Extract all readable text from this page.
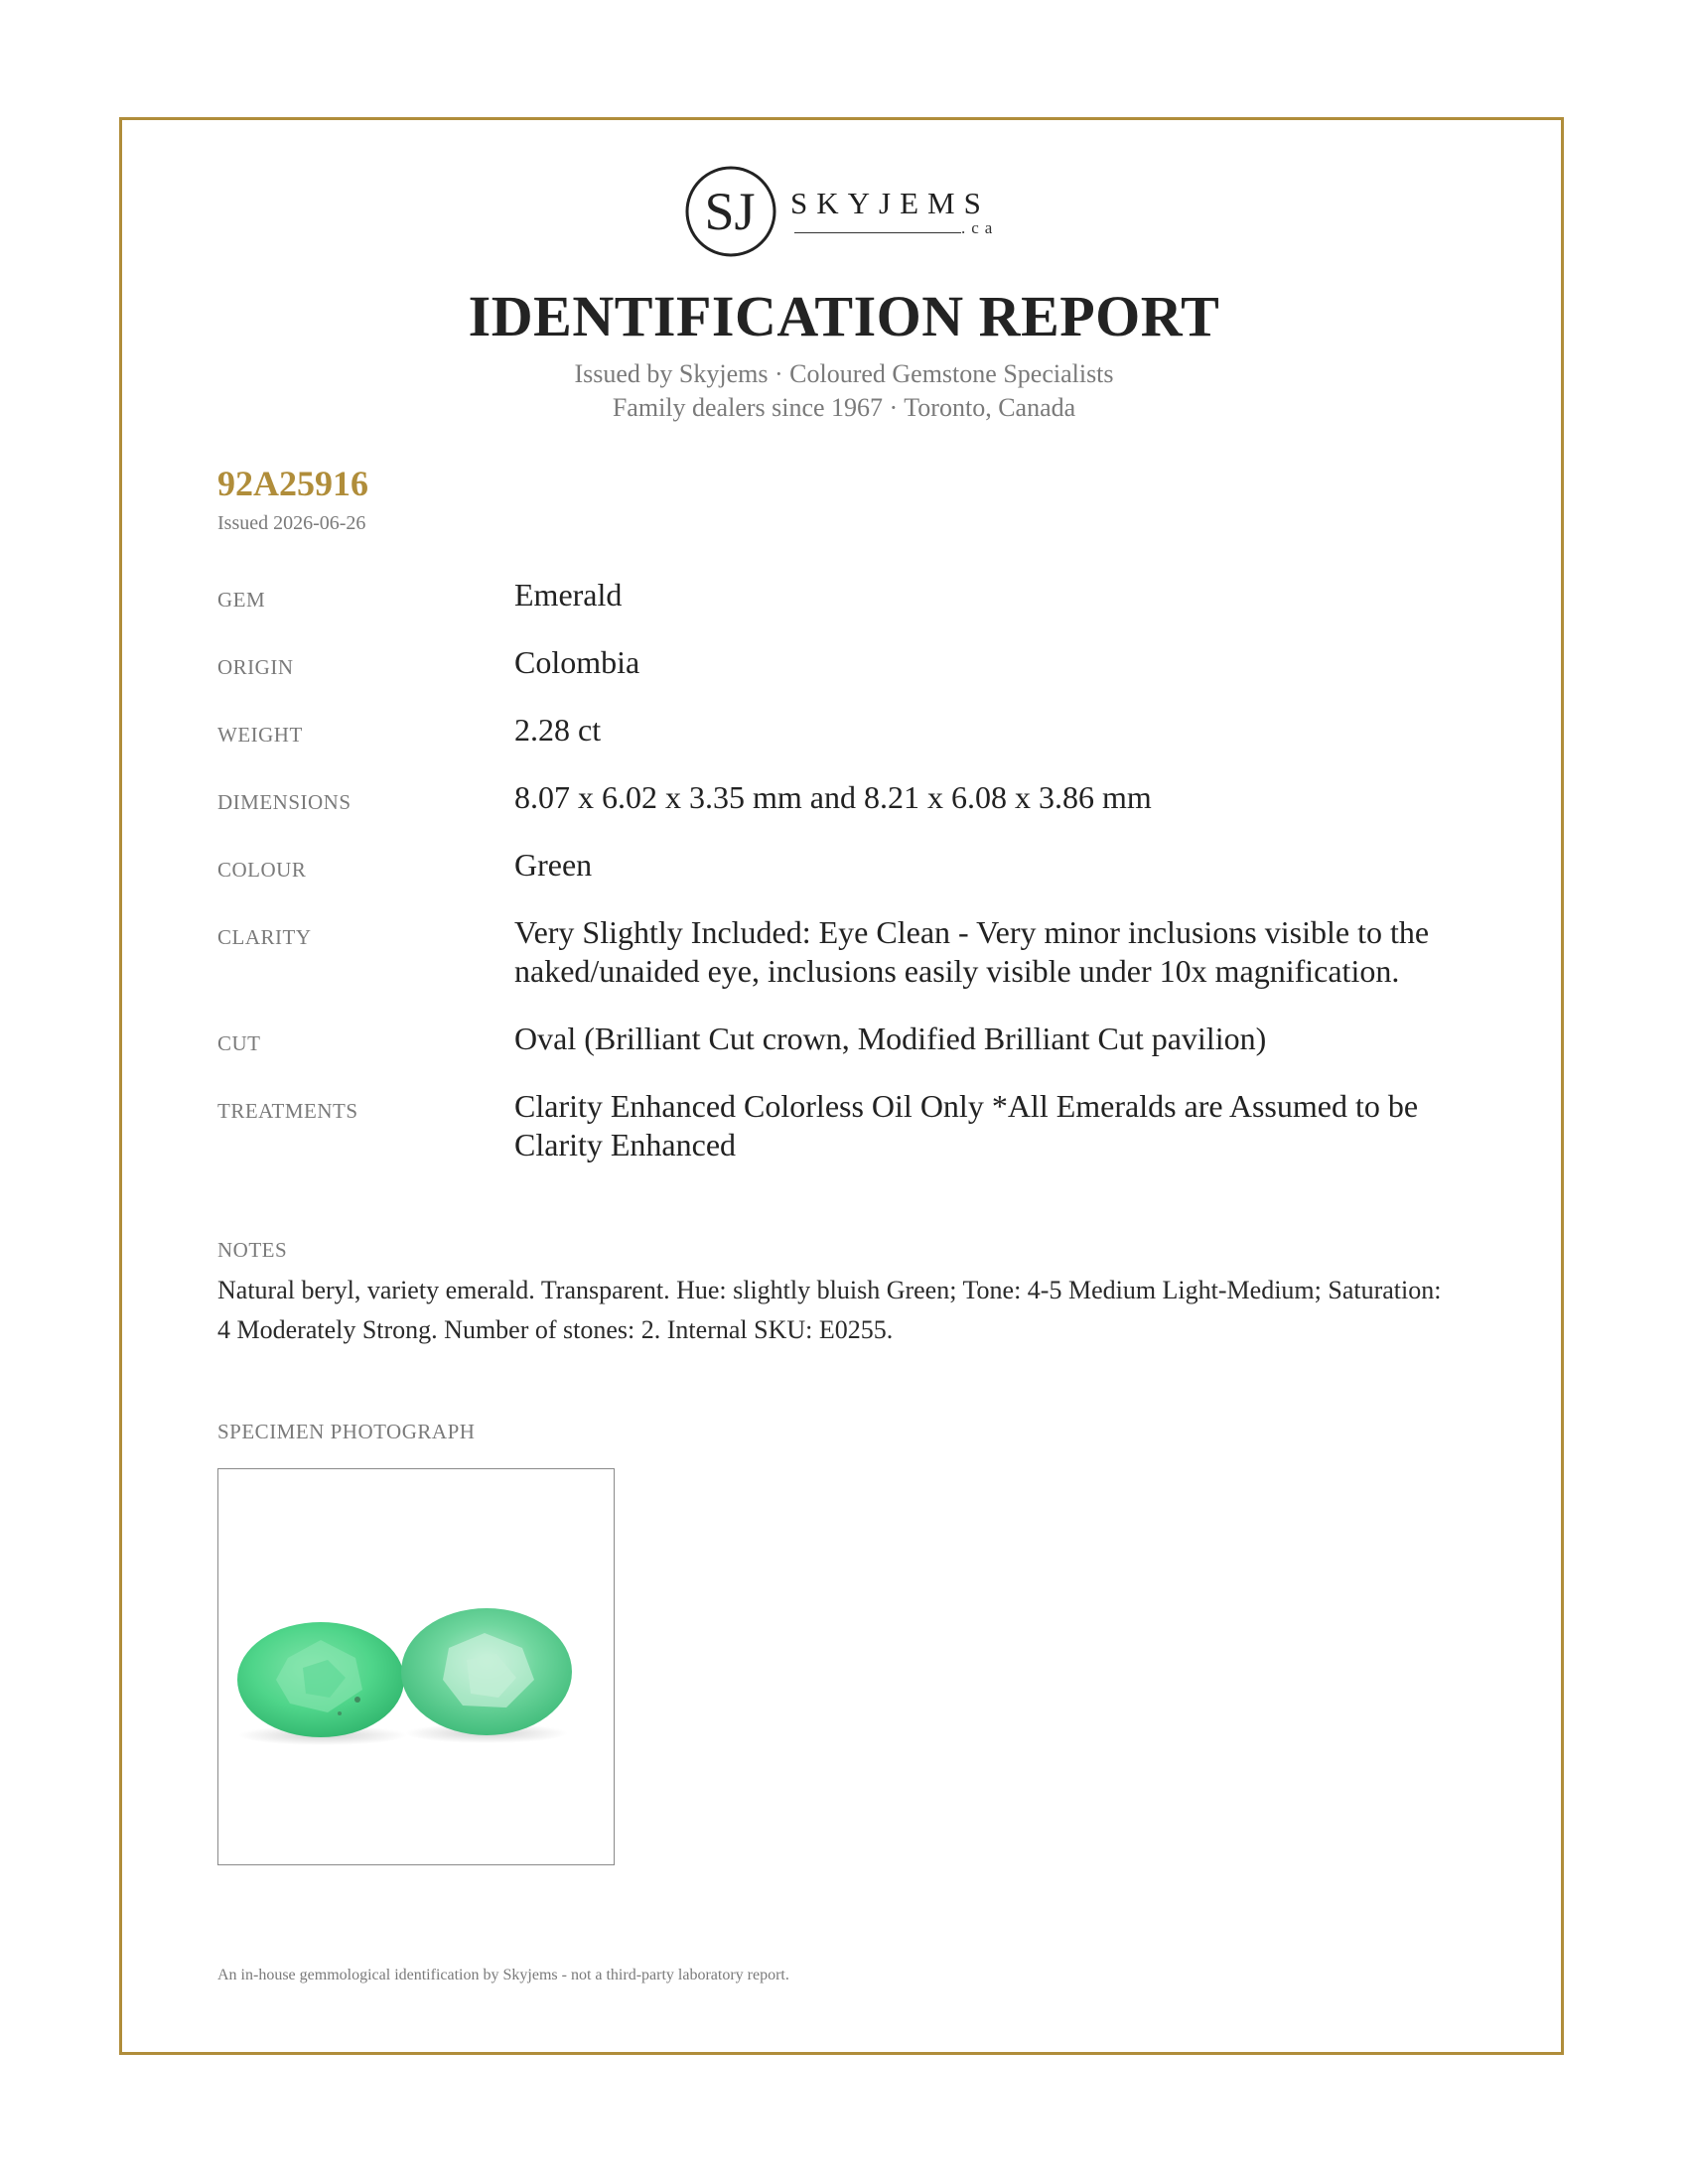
SJ SKYJEMS
.ca
IDENTIFICATION REPORT
Issued by Skyjems · Coloured Gemstone Specialists
Family dealers since 1967 · Toronto, Canada
92A25916
Issued 2026-06-26
GEM	Emerald
ORIGIN	Colombia
WEIGHT	2.28 ct
DIMENSIONS	8.07 x 6.02 x 3.35 mm and 8.21 x 6.08 x 3.86 mm
COLOUR	Green
CLARITY	Very Slightly Included: Eye Clean - Very minor inclusions visible to the naked/unaided eye, inclusions easily visible under 10x magnification.
CUT	Oval (Brilliant Cut crown, Modified Brilliant Cut pavilion)
TREATMENTS	Clarity Enhanced Colorless Oil Only *All Emeralds are Assumed to be Clarity Enhanced
NOTES
Natural beryl, variety emerald. Transparent. Hue: slightly bluish Green; Tone: 4-5 Medium Light-Medium; Saturation: 4 Moderately Strong. Number of stones: 2. Internal SKU: E0255.
SPECIMEN PHOTOGRAPH
An in-house gemmological identification by Skyjems - not a third-party laboratory report.
